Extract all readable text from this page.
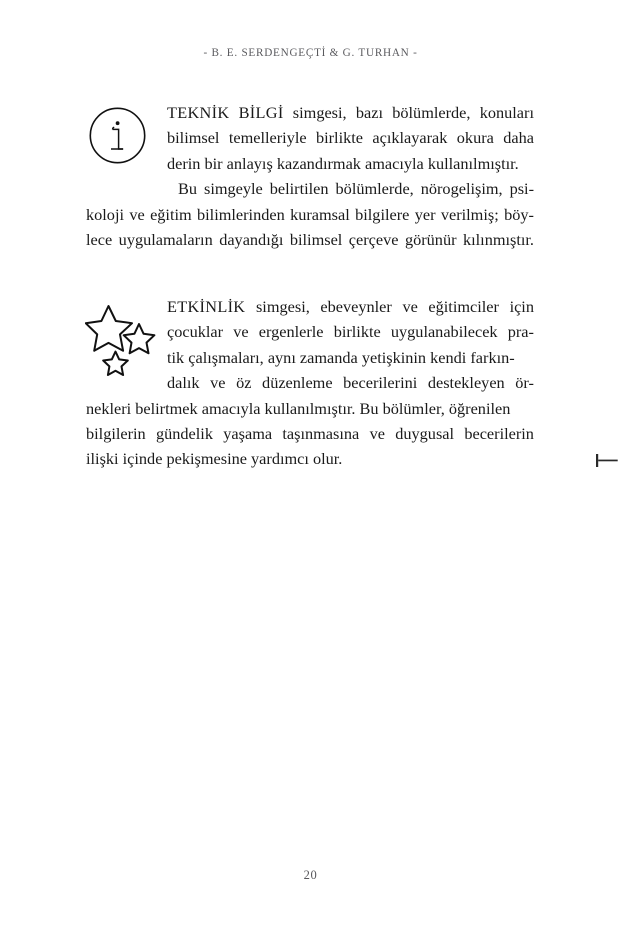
- B. E. SERDENGEÇTİ & G. TURHAN -
TEKNİK BİLGİ simgesi, bazı bölümlerde, konuları
bilimsel temelleriyle birlikte açıklayarak okura daha
derin bir anlayış kazandırmak amacıyla kullanılmıştır.
Bu simgeyle belirtilen bölümlerde, nörogelişim, psi-
koloji ve eğitim bilimlerinden kuramsal bilgilere yer verilmiş; böy-
lece uygulamaların dayandığı bilimsel çerçeve görünür kılınmıştır.
ETKİNLİK simgesi, ebeveynler ve eğitimciler için
çocuklar ve ergenlerle birlikte uygulanabilecek pra-
tik çalışmaları, aynı zamanda yetişkinin kendi farkın-
dalık ve öz düzenleme becerilerini destekleyen ör-
nekleri belirtmek amacıyla kullanılmıştır. Bu bölümler, öğrenilen
bilgilerin gündelik yaşama taşınmasına ve duygusal becerilerin
ilişki içinde pekişmesine yardımcı olur.
20
